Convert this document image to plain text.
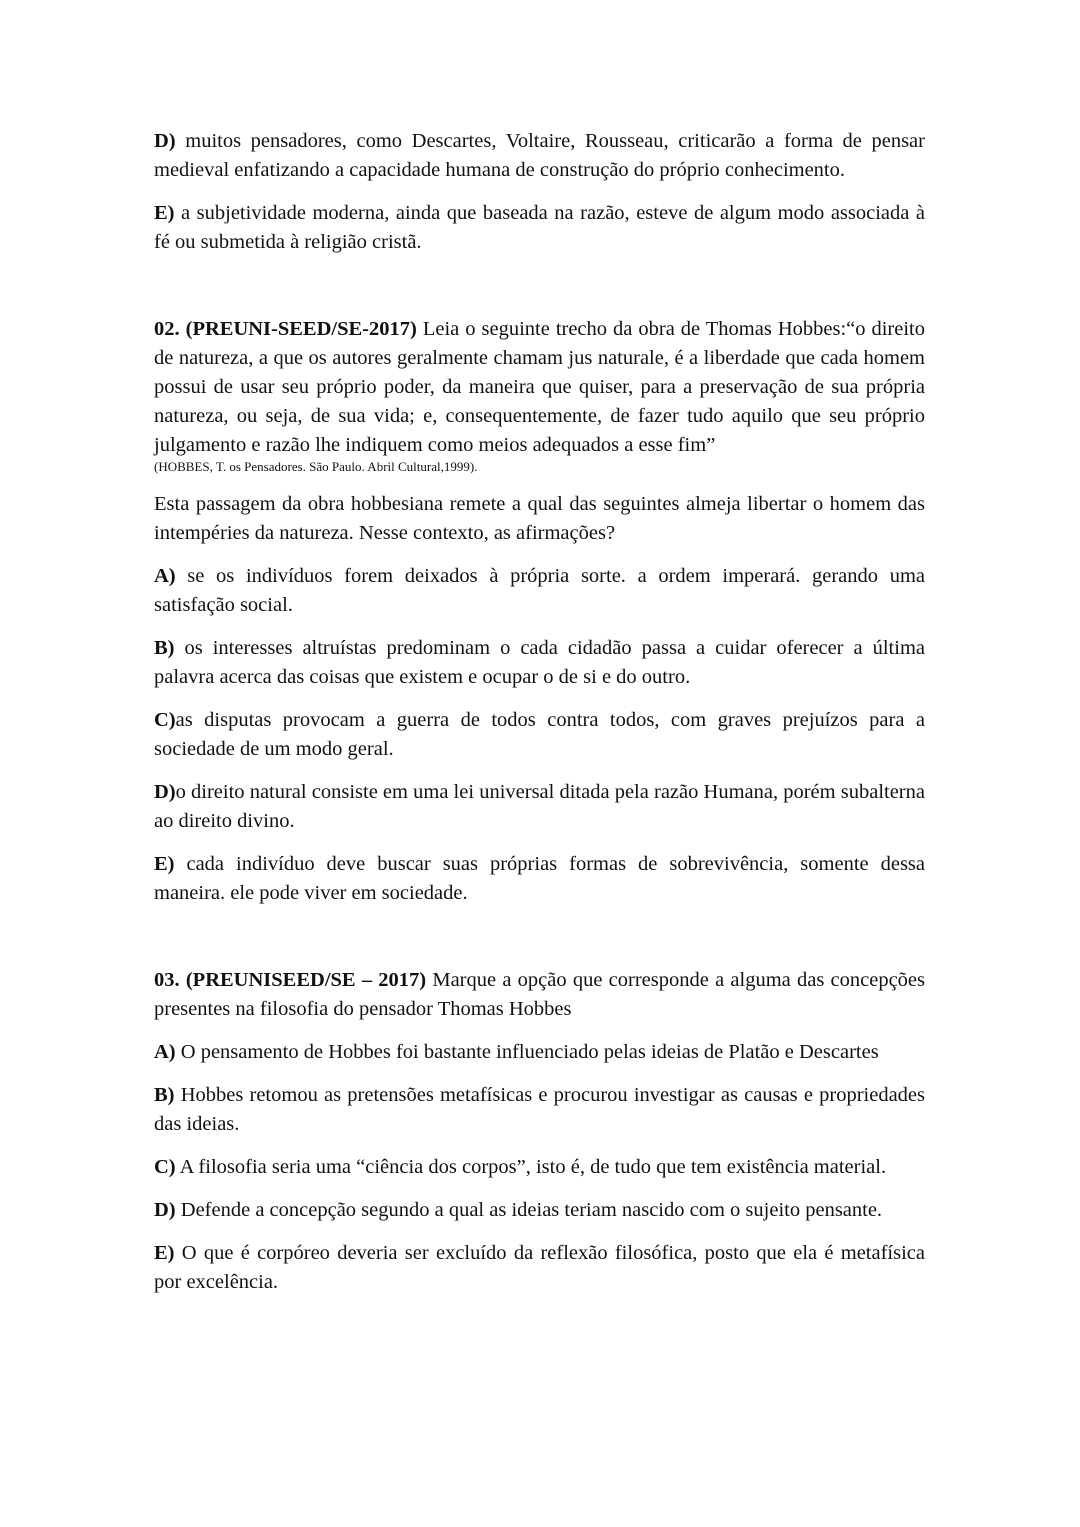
D) muitos pensadores, como Descartes, Voltaire, Rousseau, criticarão a forma de pensar medieval enfatizando a capacidade humana de construção do próprio conhecimento.

E) a subjetividade moderna, ainda que baseada na razão, esteve de algum modo associada à fé ou submetida à religião cristã.

02. (PREUNI-SEED/SE-2017) Leia o seguinte trecho da obra de Thomas Hobbes:“o direito de natureza, a que os autores geralmente chamam jus naturale, é a liberdade que cada homem possui de usar seu próprio poder, da maneira que quiser, para a preservação de sua própria natureza, ou seja, de sua vida; e, consequentemente, de fazer tudo aquilo que seu próprio julgamento e razão lhe indiquem como meios adequados a esse fim”
(HOBBES, T. os Pensadores. São Paulo. Abril Cultural,1999).

Esta passagem da obra hobbesiana remete a qual das seguintes almeja libertar o homem das intempéries da natureza. Nesse contexto, as afirmações?

A) se os indivíduos forem deixados à própria sorte. a ordem imperará. gerando uma satisfação social.

B) os interesses altruístas predominam o cada cidadão passa a cuidar oferecer a última palavra acerca das coisas que existem e ocupar o de si e do outro.

C)as disputas provocam a guerra de todos contra todos, com graves prejuízos para a sociedade de um modo geral.

D)o direito natural consiste em uma lei universal ditada pela razão Humana, porém subalterna ao direito divino.

E) cada indivíduo deve buscar suas próprias formas de sobrevivência, somente dessa maneira. ele pode viver em sociedade.

03. (PREUNISEED/SE – 2017) Marque a opção que corresponde a alguma das concepções presentes na filosofia do pensador Thomas Hobbes

A) O pensamento de Hobbes foi bastante influenciado pelas ideias de Platão e Descartes

B) Hobbes retomou as pretensões metafísicas e procurou investigar as causas e propriedades das ideias.

C) A filosofia seria uma “ciência dos corpos”, isto é, de tudo que tem existência material.

D) Defende a concepção segundo a qual as ideias teriam nascido com o sujeito pensante.

E) O que é corpóreo deveria ser excluído da reflexão filosófica, posto que ela é metafísica por excelência.
